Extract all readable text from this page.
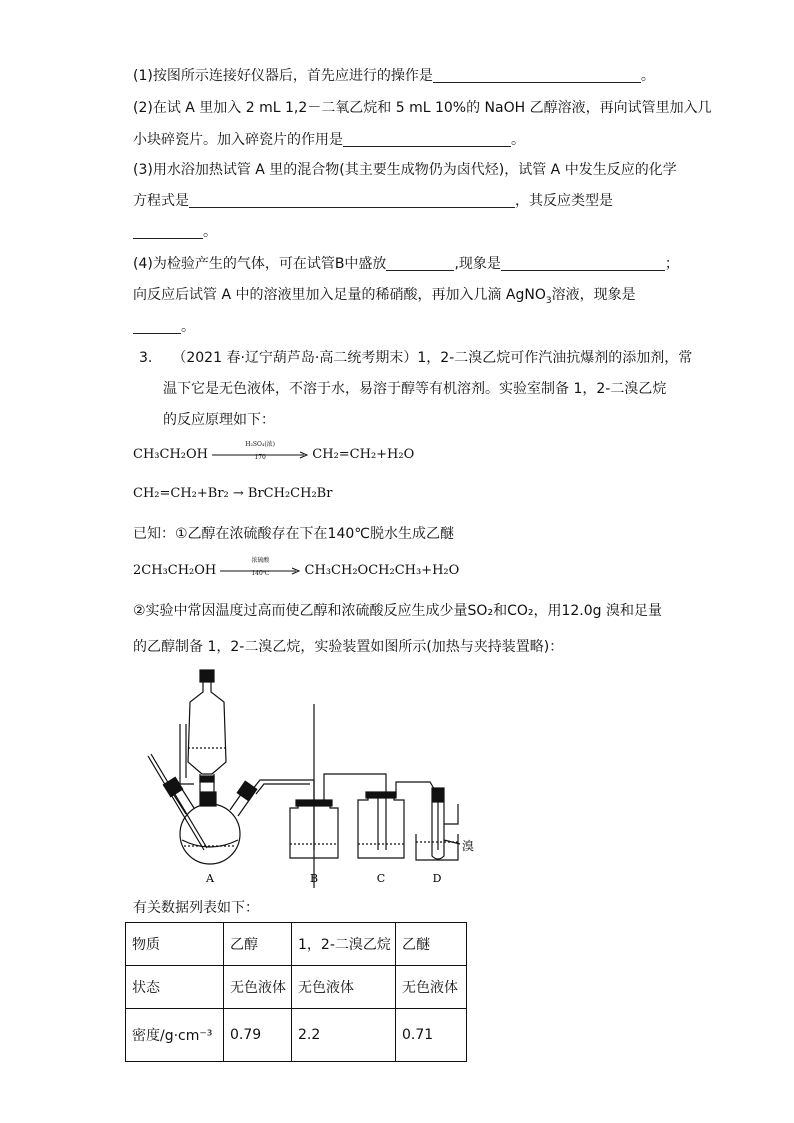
(1)按图所示连接好仪器后，首先应进行的操作是	。
(2)在试 A 里加入 2 mL 1,2－二氧乙烷和 5 mL 10%的 NaOH 乙醇溶液，再向试管里加入几
小块碎瓷片。加入碎瓷片的作用是	。
(3)用水浴加热试管 A 里的混合物(其主要生成物仍为卤代烃)，试管 A 中发生反应的化学
方程式是	，其反应类型是
。
(4)为检验产生的气体，可在试管B中盛放	,现象是	；
向反应后试管 A 中的溶液里加入足量的稀硝酸，再加入几滴 AgNO$_3$溶液，现象是
。
3. （2021 春·辽宁葫芦岛·高二统考期末）1，2-二溴乙烷可作汽油抗爆剂的添加剂，常
温下它是无色液体，不溶于水，易溶于醇等有机溶剂。实验室制备 1，2-二溴乙烷
的反应原理如下：
CH₃CH₂OH
H₂SO₄(浓)
170	CH₂=CH₂+H₂O
CH₂=CH₂+Br₂ → BrCH₂CH₂Br
已知：①乙醇在浓硫酸存在下在140℃脱水生成乙醚
2CH₃CH₂OH
浓硫酸
140℃	CH₃CH₂OCH₂CH₃+H₂O
②实验中常因温度过高而使乙醇和浓硫酸反应生成少量SO₂和CO₂，用12.0g 溴和足量
的乙醇制备 1，2-二溴乙烷，实验装置如图所示(加热与夹持装置略)：
A	B	C	D
溴
有关数据列表如下：
物质	乙醇	1，2-二溴乙烷	乙醚
状态	无色液体	无色液体	无色液体
密度/g·cm⁻³	0.79	2.2	0.71
